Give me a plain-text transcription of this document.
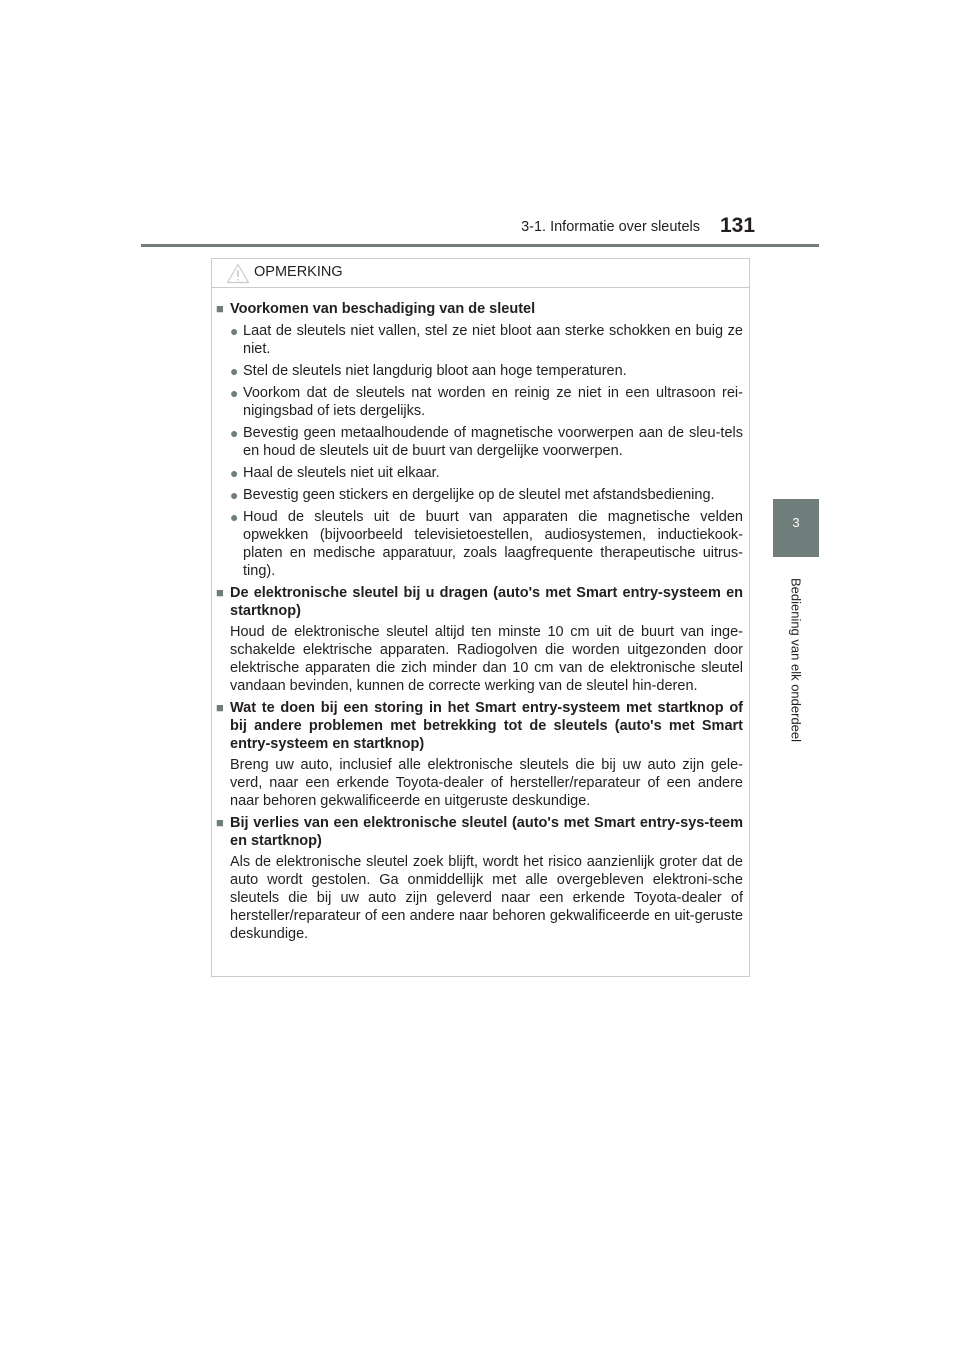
3-1. Informatie over sleutels 131
3
Bediening van elk onderdeel
OPMERKING
■ Voorkomen van beschadiging van de sleutel
● Laat de sleutels niet vallen, stel ze niet bloot aan sterke schokken en buig ze niet.
● Stel de sleutels niet langdurig bloot aan hoge temperaturen.
● Voorkom dat de sleutels nat worden en reinig ze niet in een ultrasoon rei-nigingsbad of iets dergelijks.
● Bevestig geen metaalhoudende of magnetische voorwerpen aan de sleu-tels en houd de sleutels uit de buurt van dergelijke voorwerpen.
● Haal de sleutels niet uit elkaar.
● Bevestig geen stickers en dergelijke op de sleutel met afstandsbediening.
● Houd de sleutels uit de buurt van apparaten die magnetische velden opwekken (bijvoorbeeld televisietoestellen, audiosystemen, inductiekook-platen en medische apparatuur, zoals laagfrequente therapeutische uitrus-ting).
■ De elektronische sleutel bij u dragen (auto's met Smart entry-systeem en startknop)
Houd de elektronische sleutel altijd ten minste 10 cm uit de buurt van inge-schakelde elektrische apparaten. Radiogolven die worden uitgezonden door elektrische apparaten die zich minder dan 10 cm van de elektronische sleutel vandaan bevinden, kunnen de correcte werking van de sleutel hin-deren.
■ Wat te doen bij een storing in het Smart entry-systeem met startknop of bij andere problemen met betrekking tot de sleutels (auto's met Smart entry-systeem en startknop)
Breng uw auto, inclusief alle elektronische sleutels die bij uw auto zijn gele-verd, naar een erkende Toyota-dealer of hersteller/reparateur of een andere naar behoren gekwalificeerde en uitgeruste deskundige.
■ Bij verlies van een elektronische sleutel (auto's met Smart entry-sys-teem en startknop)
Als de elektronische sleutel zoek blijft, wordt het risico aanzienlijk groter dat de auto wordt gestolen. Ga onmiddellijk met alle overgebleven elektroni-sche sleutels die bij uw auto zijn geleverd naar een erkende Toyota-dealer of hersteller/reparateur of een andere naar behoren gekwalificeerde en uit-geruste deskundige.
